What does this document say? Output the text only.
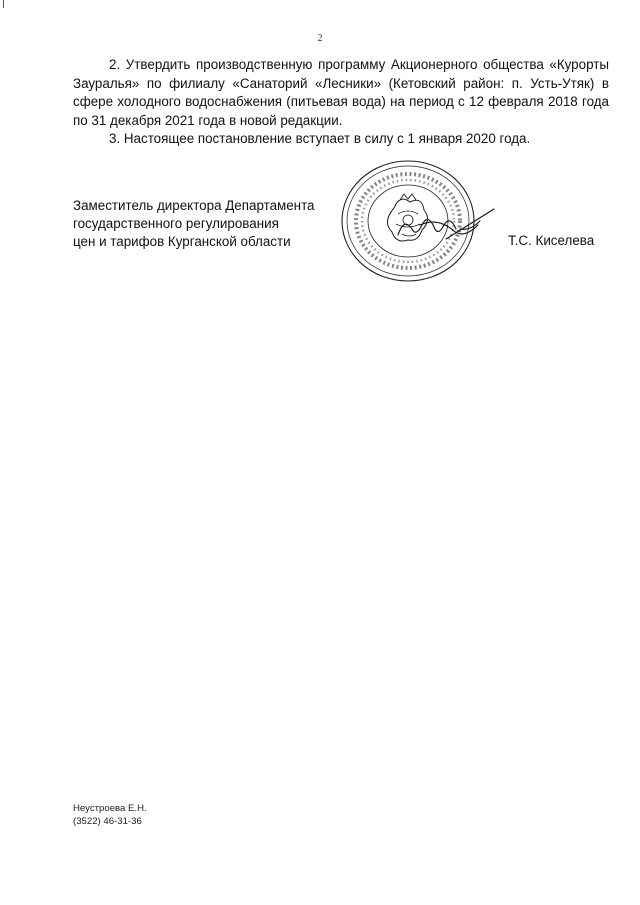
2

2. Утвердить производственную программу Акционерного общества «Курорты Зауралья» по филиалу «Санаторий «Лесники» (Кетовский район: п. Усть-Утяк) в сфере холодного водоснабжения (питьевая вода) на период с 12 февраля 2018 года по 31 декабря 2021 года в новой редакции.

3. Настоящее постановление вступает в силу с 1 января 2020 года.

Заместитель директора Департамента
государственного регулирования
цен и тарифов Курганской области	Т.С. Киселева
Неустроева Е.Н.
(3522) 46-31-36
